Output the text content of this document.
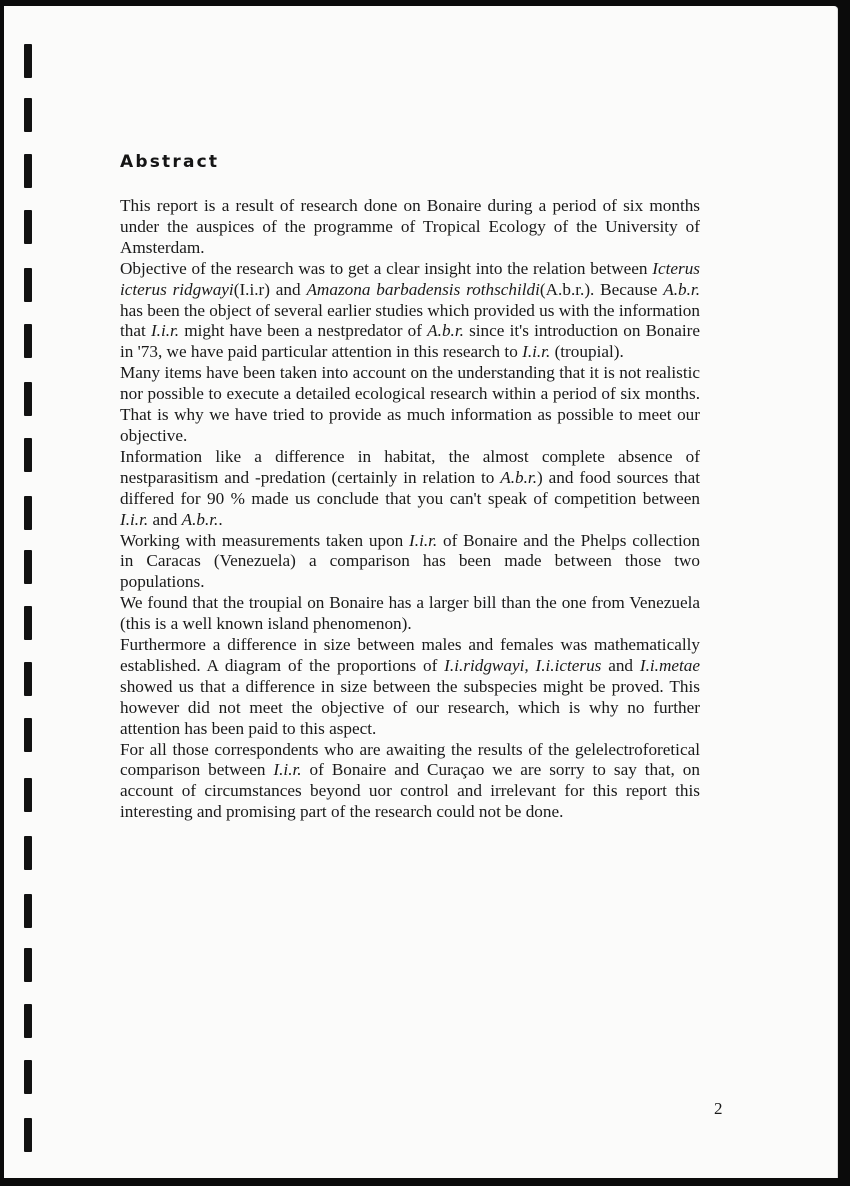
Abstract

This report is a result of research done on Bonaire during a period of six months under the auspices of the programme of Tropical Ecology of the University of Amsterdam.

Objective of the research was to get a clear insight into the relation between Icterus icterus ridgwayi(I.i.r) and Amazona barbadensis rothschildi(A.b.r.). Because A.b.r. has been the object of several earlier studies which provided us with the information that I.i.r. might have been a nestpredator of A.b.r. since it's introduction on Bonaire in '73, we have paid particular attention in this research to I.i.r. (troupial).

Many items have been taken into account on the understanding that it is not realistic nor possible to execute a detailed ecological research within a period of six months. That is why we have tried to provide as much information as possible to meet our objective.

Information like a difference in habitat, the almost complete absence of nestparasitism and -predation (certainly in relation to A.b.r.) and food sources that differed for 90 % made us conclude that you can't speak of competition between I.i.r. and A.b.r..

Working with measurements taken upon I.i.r. of Bonaire and the Phelps collection in Caracas (Venezuela) a comparison has been made between those two populations.

We found that the troupial on Bonaire has a larger bill than the one from Venezuela (this is a well known island phenomenon).

Furthermore a difference in size between males and females was mathematically established. A diagram of the proportions of I.i.ridgwayi, I.i.icterus and I.i.metae showed us that a difference in size between the subspecies might be proved. This however did not meet the objective of our research, which is why no further attention has been paid to this aspect.

For all those correspondents who are awaiting the results of the gelelectroforetical comparison between I.i.r. of Bonaire and Curaçao we are sorry to say that, on account of circumstances beyond uor control and irrelevant for this report this interesting and promising part of the research could not be done.

2
